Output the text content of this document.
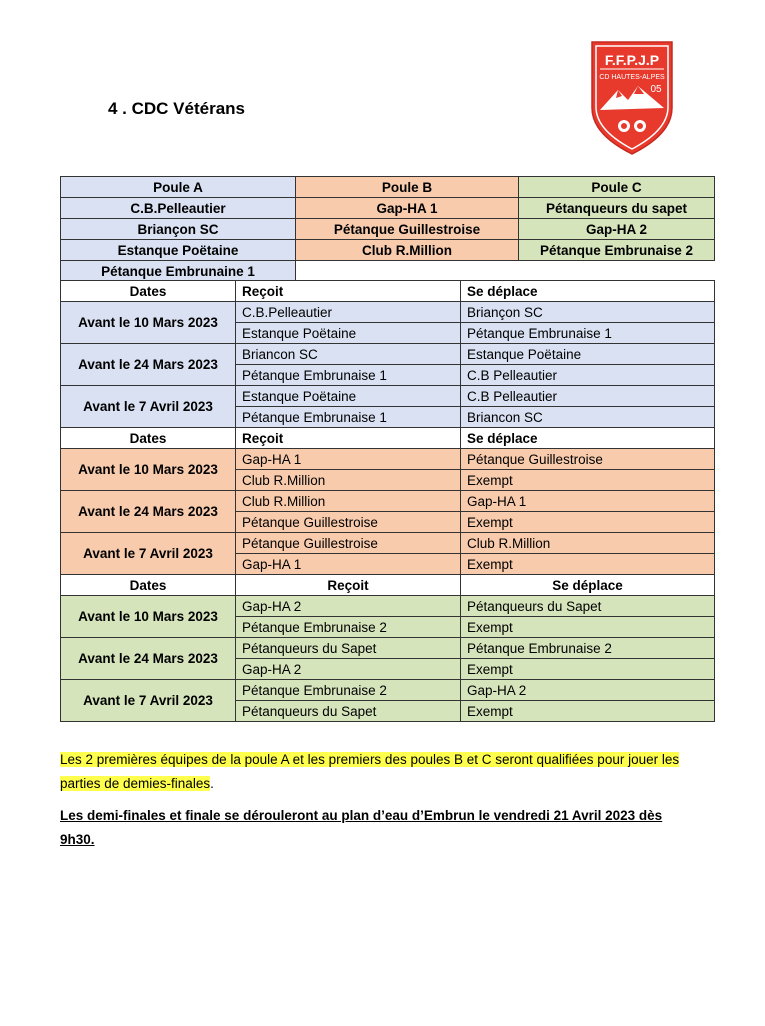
4 . CDC Vétérans
F.F.P.J.P
CD HAUTES-ALPES
05
Poule A	Poule B	Poule C
C.B.Pelleautier	Gap-HA 1	Pétanqueurs du sapet
Briançon SC	Pétanque Guillestroise	Gap-HA 2
Estanque Poëtaine	Club R.Million	Pétanque Embrunaise 2
Pétanque Embrunaine 1		
Dates	Reçoit	Se déplace
Avant le 10 Mars 2023	C.B.Pelleautier	Briançon SC
	Estanque Poëtaine	Pétanque Embrunaise 1
Avant le 24 Mars 2023	Briancon SC	Estanque Poëtaine
	Pétanque Embrunaise 1	C.B Pelleautier
Avant le 7 Avril 2023	Estanque Poëtaine	C.B Pelleautier
	Pétanque Embrunaise 1	Briancon SC
Dates	Reçoit	Se déplace
Avant le 10 Mars 2023	Gap-HA 1	Pétanque Guillestroise
	Club R.Million	Exempt
Avant le 24 Mars 2023	Club R.Million	Gap-HA 1
	Pétanque Guillestroise	Exempt
Avant le 7 Avril 2023	Pétanque Guillestroise	Club R.Million
	Gap-HA 1	Exempt
Dates	Reçoit	Se déplace
Avant le 10 Mars 2023	Gap-HA 2	Pétanqueurs du Sapet
	Pétanque Embrunaise 2	Exempt
Avant le 24 Mars 2023	Pétanqueurs du Sapet	Pétanque Embrunaise 2
	Gap-HA 2	Exempt
Avant le 7 Avril 2023	Pétanque Embrunaise 2	Gap-HA 2
	Pétanqueurs du Sapet	Exempt
Les 2 premières équipes de la poule A et les premiers des poules B et C seront qualifiées pour jouer les parties de demies-finales.
Les demi-finales et finale se dérouleront au plan d’eau d’Embrun le vendredi 21 Avril 2023 dès 9h30.
